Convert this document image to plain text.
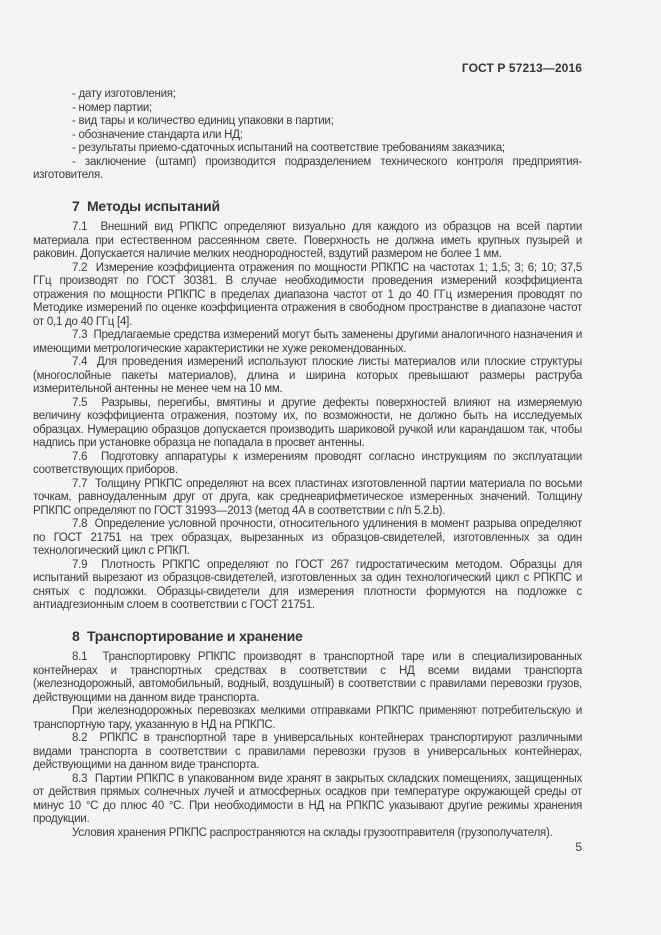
ГОСТ Р 57213—2016

- дату изготовления;

- номер партии;

- вид тары и количество единиц упаковки в партии;

- обозначение стандарта или НД;

- результаты приемо-сдаточных испытаний на соответствие требованиям заказчика;

- заключение (штамп) производится подразделением технического контроля предприятия-изготовителя.

7  Методы испытаний

7.1  Внешний вид РПКПС определяют визуально для каждого из образцов на всей партии материала при естественном рассеянном свете. Поверхность не должна иметь крупных пузырей и раковин. Допускается наличие мелких неоднородностей, вздутий размером не более 1 мм.

7.2  Измерение коэффициента отражения по мощности РПКПС на частотах 1; 1,5; 3; 6; 10; 37,5 ГГц производят по ГОСТ 30381. В случае необходимости проведения измерений коэффициента отражения по мощности РПКПС в пределах диапазона частот от 1 до 40 ГГц измерения проводят по Методике измерений по оценке коэффициента отражения в свободном пространстве в диапазоне частот от 0,1 до 40 ГГц [4].

7.3  Предлагаемые средства измерений могут быть заменены другими аналогичного назначения и имеющими метрологические характеристики не хуже рекомендованных.

7.4  Для проведения измерений используют плоские листы материалов или плоские структуры (многослойные пакеты материалов), длина и ширина которых превышают размеры раструба измерительной антенны не менее чем на 10 мм.

7.5  Разрывы, перегибы, вмятины и другие дефекты поверхностей влияют на измеряемую величину коэффициента отражения, поэтому их, по возможности, не должно быть на исследуемых образцах. Нумерацию образцов допускается производить шариковой ручкой или карандашом так, чтобы надпись при установке образца не попадала в просвет антенны.

7.6  Подготовку аппаратуры к измерениям проводят согласно инструкциям по эксплуатации соответствующих приборов.

7.7  Толщину РПКПС определяют на всех пластинах изготовленной партии материала по восьми точкам, равноудаленным друг от друга, как среднеарифметическое измеренных значений. Толщину РПКПС определяют по ГОСТ 31993—2013 (метод 4А в соответствии с п/п 5.2.b).

7.8  Определение условной прочности, относительного удлинения в момент разрыва определяют по ГОСТ 21751 на трех образцах, вырезанных из образцов-свидетелей, изготовленных за один технологический цикл с РПКП.

7.9  Плотность РПКПС определяют по ГОСТ 267 гидростатическим методом. Образцы для испытаний вырезают из образцов-свидетелей, изготовленных за один технологический цикл с РПКПС и снятых с подложки. Образцы-свидетели для измерения плотности формуются на подложке с антиадгезионным слоем в соответствии с ГОСТ 21751.

8  Транспортирование и хранение

8.1  Транспортировку РПКПС производят в транспортной таре или в специализированных контейнерах и транспортных средствах в соответствии с НД всеми видами транспорта (железнодорожный, автомобильный, водный, воздушный) в соответствии с правилами перевозки грузов, действующими на данном виде транспорта.

При железнодорожных перевозках мелкими отправками РПКПС применяют потребительскую и транспортную тару, указанную в НД на РПКПС.

8.2  РПКПС в транспортной таре в универсальных контейнерах транспортируют различными видами транспорта в соответствии с правилами перевозки грузов в универсальных контейнерах, действующими на данном виде транспорта.

8.3  Партии РПКПС в упакованном виде хранят в закрытых складских помещениях, защищенных от действия прямых солнечных лучей и атмосферных осадков при температуре окружающей среды от минус 10 °С до плюс 40 °С. При необходимости в НД на РПКПС указывают другие режимы хранения продукции.

Условия хранения РПКПС распространяются на склады грузоотправителя (грузополучателя).

5
